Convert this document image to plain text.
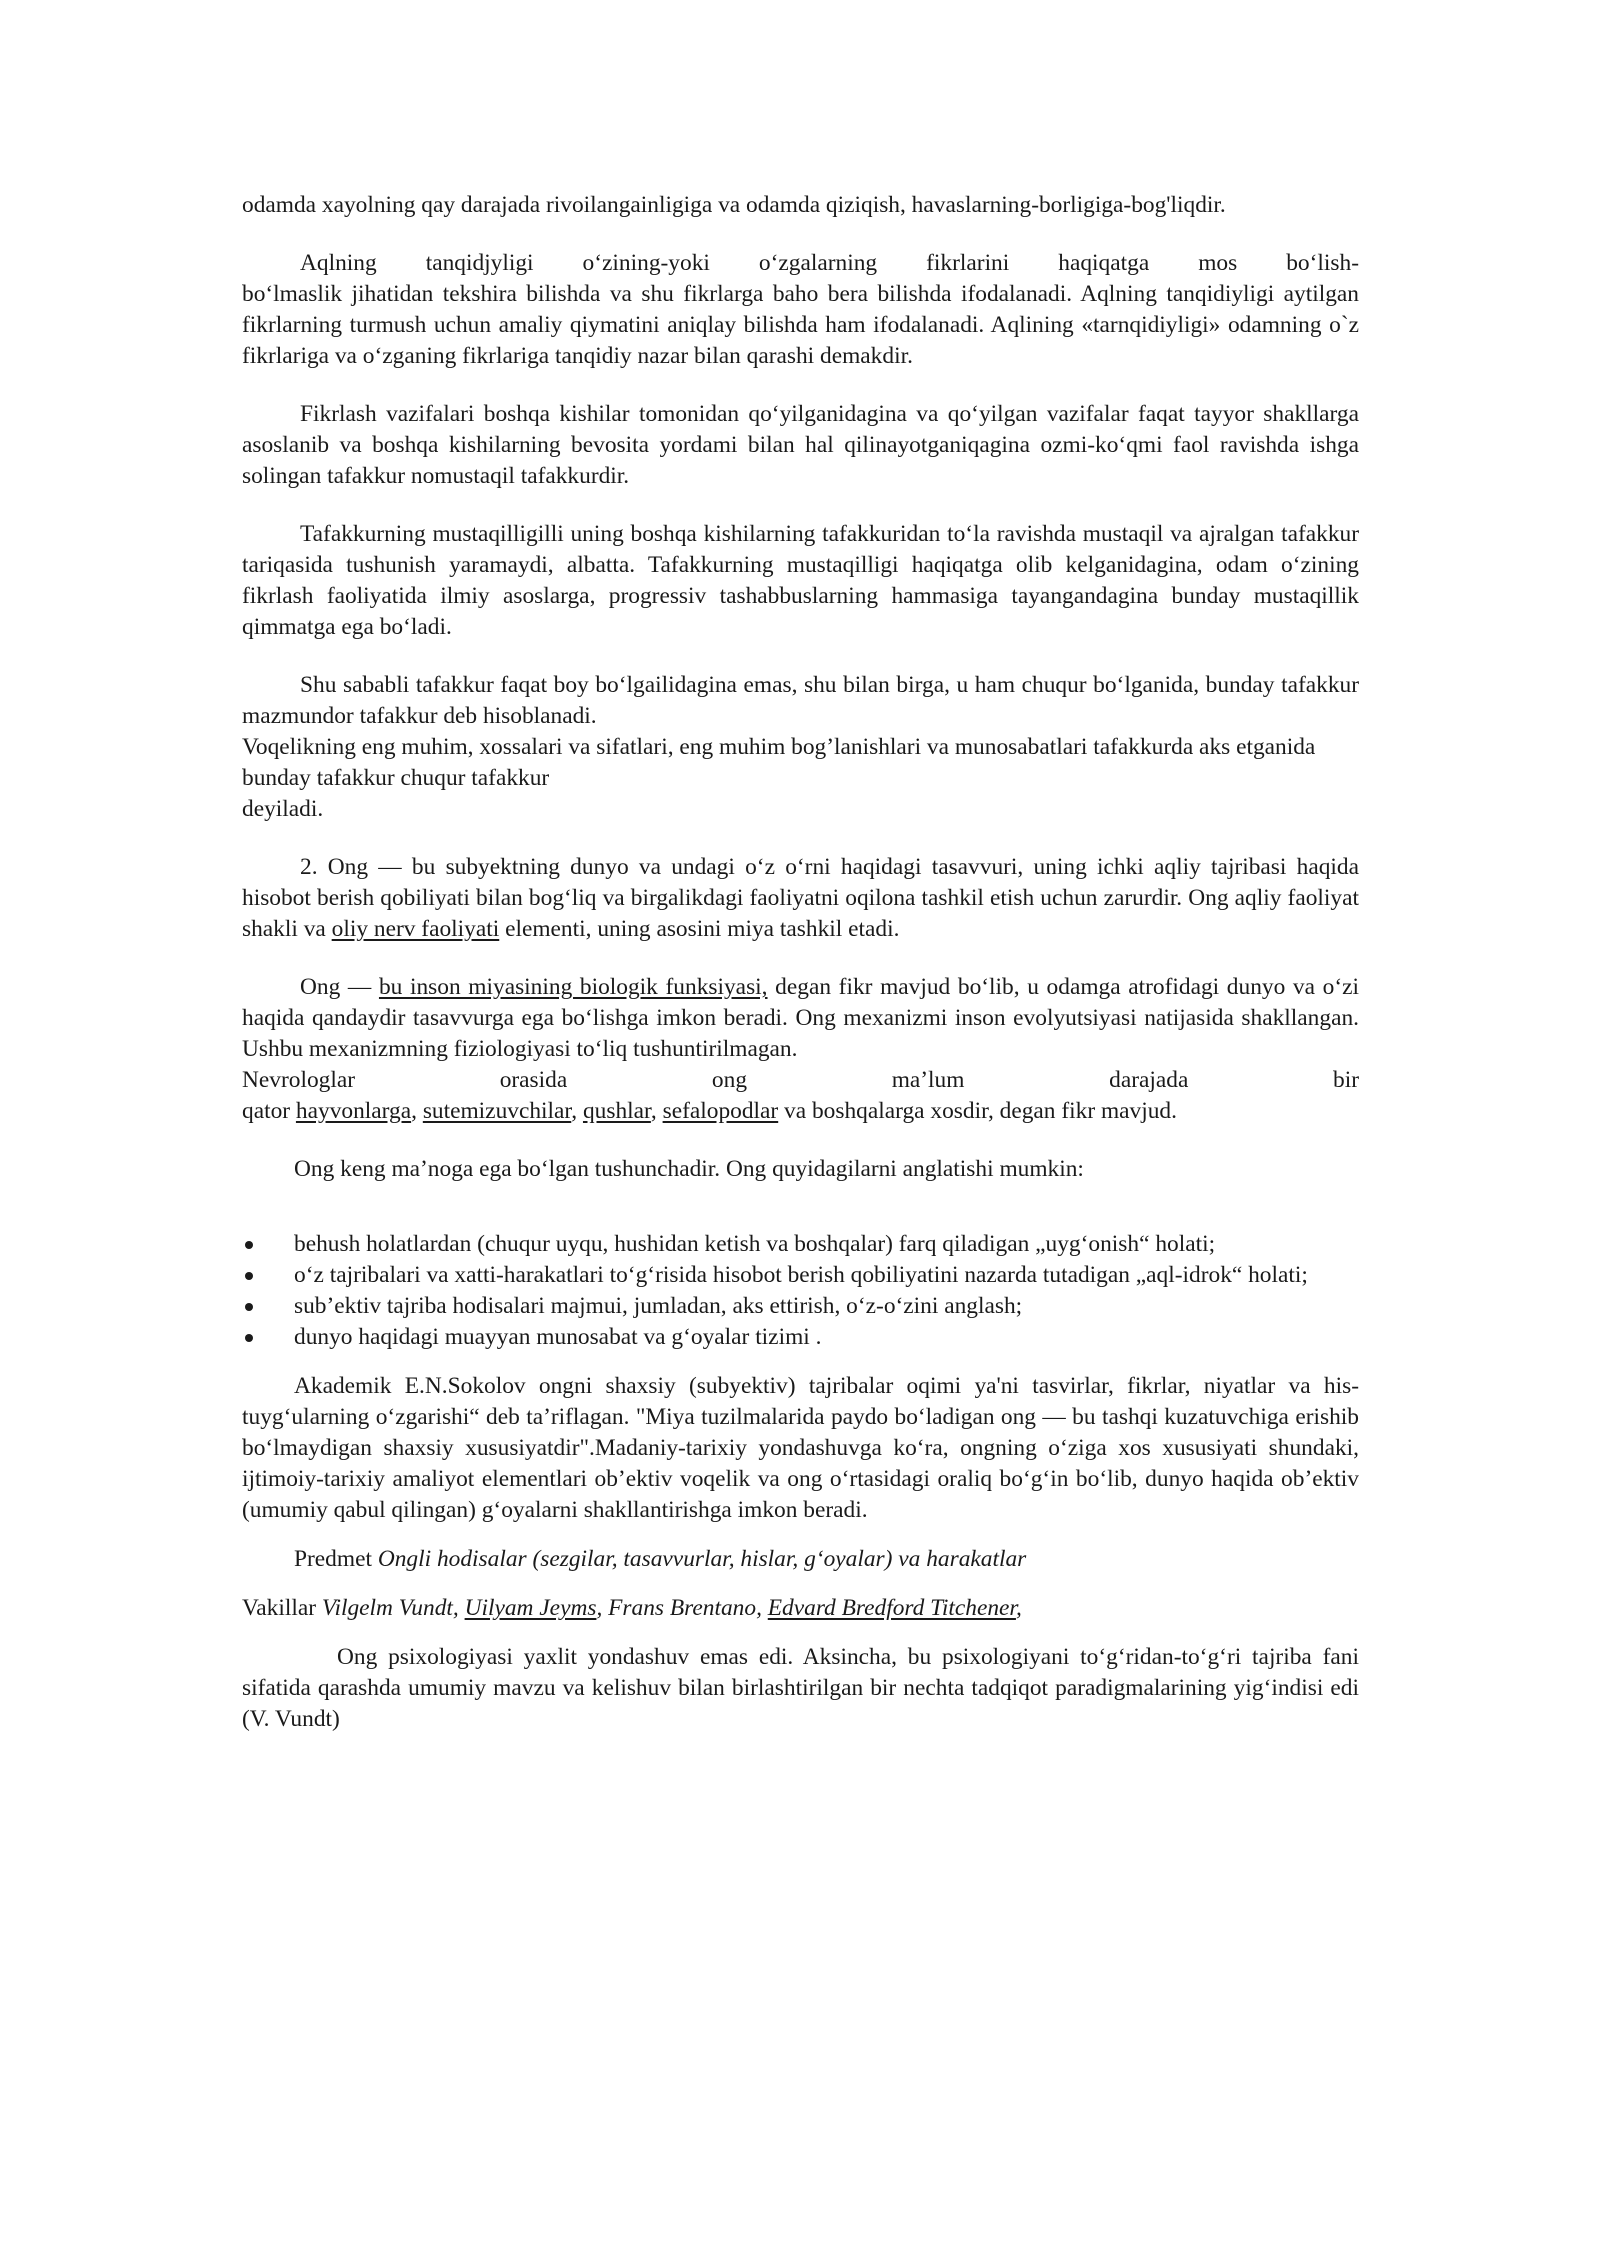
odamda xayolning qay darajada rivoilangainligiga va odamda qiziqish, havaslarning-borligiga-bog'liqdir.

Aqlning tanqidjyligi o‘zining-yoki o‘zgalarning fikrlarini haqiqatga mos bo‘lish-

bo‘lmaslik jihatidan tekshira bilishda va shu fikrlarga baho bera bilishda ifodalanadi. Aqlning tanqidiyligi aytilgan fikrlarning turmush uchun amaliy qiymatini aniqlay bilishda ham ifodalanadi. Aqlining «tarnqidiyligi» odamning o`z fikrlariga va o‘zganing fikrlariga tanqidiy nazar bilan qarashi demakdir.

Fikrlash vazifalari boshqa kishilar tomonidan qo‘yilganidagina va qo‘yilgan vazifalar faqat tayyor shakllarga asoslanib va boshqa kishilarning bevosita yordami bilan hal qilinayotganiqagina ozmi-ko‘qmi faol ravishda ishga solingan tafakkur nomustaqil tafakkurdir.

Tafakkurning mustaqilligilli uning boshqa kishilarning tafakkuridan to‘la ravishda mustaqil va ajralgan tafakkur tariqasida tushunish yaramaydi, albatta. Tafakkurning mustaqilligi haqiqatga olib kelganidagina, odam o‘zining fikrlash faoliyatida ilmiy asoslarga, progressiv tashabbuslarning hammasiga tayangandagina bunday mustaqillik qimmatga ega bo‘ladi.

Shu sababli tafakkur faqat boy bo‘lgailidagina emas, shu bilan birga, u ham chuqur bo‘lganida, bunday tafakkur mazmundor tafakkur deb hisoblanadi.

Voqelikning eng muhim, xossalari va sifatlari, eng muhim bog’lanishlari va munosabatlari tafakkurda aks etganida bunday tafakkur chuqur tafakkur

deyiladi.

2. Ong — bu subyektning dunyo va undagi o‘z o‘rni haqidagi tasavvuri, uning ichki aqliy tajribasi haqida hisobot berish qobiliyati bilan bog‘liq va birgalikdagi faoliyatni oqilona tashkil etish uchun zarurdir. Ong aqliy faoliyat shakli va oliy nerv faoliyati elementi, uning asosini miya tashkil etadi.

Ong — bu inson miyasining biologik funksiyasi, degan fikr mavjud bo‘lib, u odamga atrofidagi dunyo va o‘zi haqida qandaydir tasavvurga ega bo‘lishga imkon beradi. Ong mexanizmi inson evolyutsiyasi natijasida shakllangan. Ushbu mexanizmning fiziologiyasi to‘liq tushuntirilmagan.

Nevrologlar orasida ong ma’lum darajada bir

qator hayvonlarga, sutemizuvchilar, qushlar, sefalopodlar va boshqalarga xosdir, degan fikr mavjud.

Ong keng ma’noga ega bo‘lgan tushunchadir. Ong quyidagilarni anglatishi mumkin:

behush holatlardan (chuqur uyqu, hushidan ketish va boshqalar) farq qiladigan „uyg‘onish“ holati;
o‘z tajribalari va xatti-harakatlari to‘g‘risida hisobot berish qobiliyatini nazarda tutadigan „aql-idrok“ holati;
sub’ektiv tajriba hodisalari majmui, jumladan, aks ettirish, o‘z-o‘zini anglash;
dunyo haqidagi muayyan munosabat va g‘oyalar tizimi .

Akademik E.N.Sokolov ongni shaxsiy (subyektiv) tajribalar oqimi ya'ni tasvirlar, fikrlar, niyatlar va his-tuyg‘ularning o‘zgarishi“ deb ta’riflagan. "Miya tuzilmalarida paydo bo‘ladigan ong — bu tashqi kuzatuvchiga erishib bo‘lmaydigan shaxsiy xususiyatdir".Madaniy-tarixiy yondashuvga ko‘ra, ongning o‘ziga xos xususiyati shundaki, ijtimoiy-tarixiy amaliyot elementlari ob’ektiv voqelik va ong o‘rtasidagi oraliq bo‘g‘in bo‘lib, dunyo haqida ob’ektiv (umumiy qabul qilingan) g‘oyalarni shakllantirishga imkon beradi.

Predmet Ongli hodisalar (sezgilar, tasavvurlar, hislar, g‘oyalar) va harakatlar

Vakillar Vilgelm Vundt, Uilyam Jeyms, Frans Brentano, Edvard Bredford Titchener,

Ong psixologiyasi yaxlit yondashuv emas edi. Aksincha, bu psixologiyani to‘g‘ridan-to‘g‘ri tajriba fani sifatida qarashda umumiy mavzu va kelishuv bilan birlashtirilgan bir nechta tadqiqot paradigmalarining yig‘indisi edi (V. Vundt)
